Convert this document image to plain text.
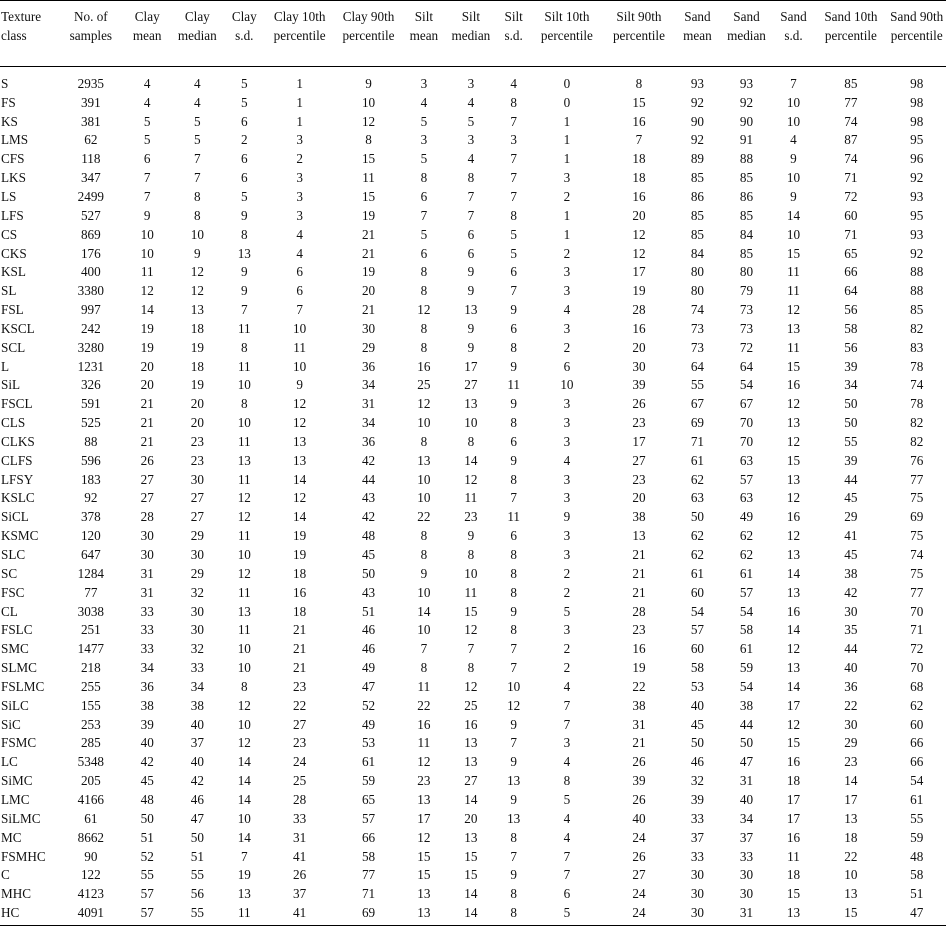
Texture class	No. of samples	Clay mean	Clay median	Clay s.d.	Clay 10th percentile	Clay 90th percentile	Silt mean	Silt median	Silt s.d.	Silt 10th percentile	Silt 90th percentile	Sand mean	Sand median	Sand s.d.	Sand 10th percentile	Sand 90th percentile
S	2935	4	4	5	1	9	3	3	4	0	8	93	93	7	85	98
FS	391	4	4	5	1	10	4	4	8	0	15	92	92	10	77	98
KS	381	5	5	6	1	12	5	5	7	1	16	90	90	10	74	98
LMS	62	5	5	2	3	8	3	3	3	1	7	92	91	4	87	95
CFS	118	6	7	6	2	15	5	4	7	1	18	89	88	9	74	96
LKS	347	7	7	6	3	11	8	8	7	3	18	85	85	10	71	92
LS	2499	7	8	5	3	15	6	7	7	2	16	86	86	9	72	93
LFS	527	9	8	9	3	19	7	7	8	1	20	85	85	14	60	95
CS	869	10	10	8	4	21	5	6	5	1	12	85	84	10	71	93
CKS	176	10	9	13	4	21	6	6	5	2	12	84	85	15	65	92
KSL	400	11	12	9	6	19	8	9	6	3	17	80	80	11	66	88
SL	3380	12	12	9	6	20	8	9	7	3	19	80	79	11	64	88
FSL	997	14	13	7	7	21	12	13	9	4	28	74	73	12	56	85
KSCL	242	19	18	11	10	30	8	9	6	3	16	73	73	13	58	82
SCL	3280	19	19	8	11	29	8	9	8	2	20	73	72	11	56	83
L	1231	20	18	11	10	36	16	17	9	6	30	64	64	15	39	78
SiL	326	20	19	10	9	34	25	27	11	10	39	55	54	16	34	74
FSCL	591	21	20	8	12	31	12	13	9	3	26	67	67	12	50	78
CLS	525	21	20	10	12	34	10	10	8	3	23	69	70	13	50	82
CLKS	88	21	23	11	13	36	8	8	6	3	17	71	70	12	55	82
CLFS	596	26	23	13	13	42	13	14	9	4	27	61	63	15	39	76
LFSY	183	27	30	11	14	44	10	12	8	3	23	62	57	13	44	77
KSLC	92	27	27	12	12	43	10	11	7	3	20	63	63	12	45	75
SiCL	378	28	27	12	14	42	22	23	11	9	38	50	49	16	29	69
KSMC	120	30	29	11	19	48	8	9	6	3	13	62	62	12	41	75
SLC	647	30	30	10	19	45	8	8	8	3	21	62	62	13	45	74
SC	1284	31	29	12	18	50	9	10	8	2	21	61	61	14	38	75
FSC	77	31	32	11	16	43	10	11	8	2	21	60	57	13	42	77
CL	3038	33	30	13	18	51	14	15	9	5	28	54	54	16	30	70
FSLC	251	33	30	11	21	46	10	12	8	3	23	57	58	14	35	71
SMC	1477	33	32	10	21	46	7	7	7	2	16	60	61	12	44	72
SLMC	218	34	33	10	21	49	8	8	7	2	19	58	59	13	40	70
FSLMC	255	36	34	8	23	47	11	12	10	4	22	53	54	14	36	68
SiLC	155	38	38	12	22	52	22	25	12	7	38	40	38	17	22	62
SiC	253	39	40	10	27	49	16	16	9	7	31	45	44	12	30	60
FSMC	285	40	37	12	23	53	11	13	7	3	21	50	50	15	29	66
LC	5348	42	40	14	24	61	12	13	9	4	26	46	47	16	23	66
SiMC	205	45	42	14	25	59	23	27	13	8	39	32	31	18	14	54
LMC	4166	48	46	14	28	65	13	14	9	5	26	39	40	17	17	61
SiLMC	61	50	47	10	33	57	17	20	13	4	40	33	34	17	13	55
MC	8662	51	50	14	31	66	12	13	8	4	24	37	37	16	18	59
FSMHC	90	52	51	7	41	58	15	15	7	7	26	33	33	11	22	48
C	122	55	55	19	26	77	15	15	9	7	27	30	30	18	10	58
MHC	4123	57	56	13	37	71	13	14	8	6	24	30	30	15	13	51
HC	4091	57	55	11	41	69	13	14	8	5	24	30	31	13	15	47
